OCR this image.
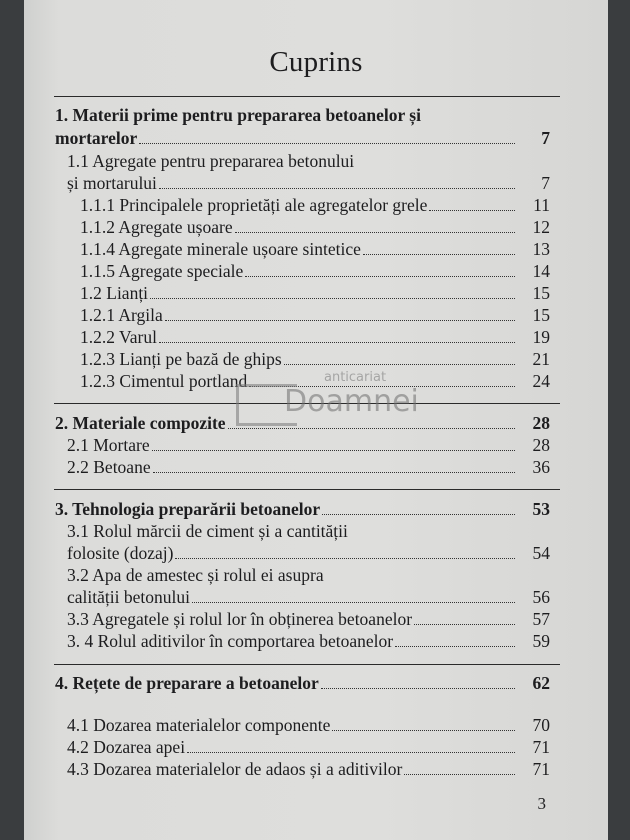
Cuprins
1. Materii prime pentru prepararea betoanelor și
mortarelor	7
1.1 Agregate pentru prepararea betonului
și mortarului	7
1.1.1 Principalele proprietăți ale agregatelor grele	11
1.1.2 Agregate ușoare	12
1.1.4 Agregate minerale ușoare sintetice	13
1.1.5 Agregate speciale	14
1.2 Lianți	15
1.2.1 Argila	15
1.2.2 Varul	19
1.2.3 Lianți pe bază de ghips	21
1.2.3 Cimentul portland	24
2. Materiale compozite	28
2.1 Mortare	28
2.2 Betoane	36
3. Tehnologia preparării betoanelor	53
3.1 Rolul mărcii de ciment și a cantității
folosite (dozaj)	54
3.2 Apa de amestec și rolul ei asupra
calității betonului	56
3.3 Agregatele și rolul lor în obținerea betoanelor	57
3. 4 Rolul aditivilor în comportarea betoanelor	59
4. Rețete de preparare a betoanelor	62
4.1 Dozarea materialelor componente	70
4.2 Dozarea apei	71
4.3 Dozarea materialelor de adaos și a aditivilor	71
3
anticariat
Doamnei
